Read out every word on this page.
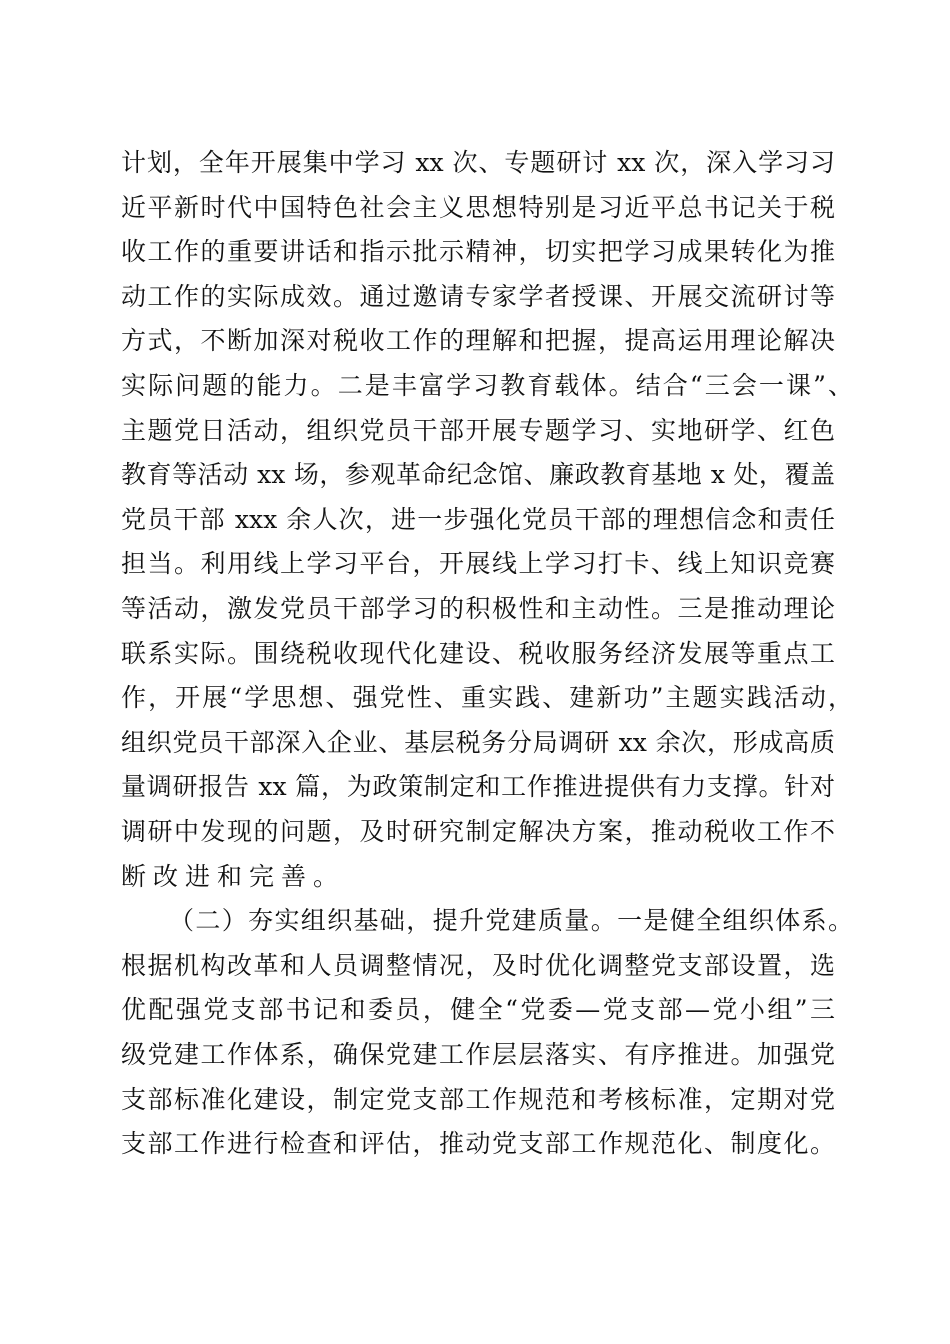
计划，全年开展集中学习 xx 次、专题研讨 xx 次，深入学习习
近平新时代中国特色社会主义思想特别是习近平总书记关于税
收工作的重要讲话和指示批示精神，切实把学习成果转化为推
动工作的实际成效。通过邀请专家学者授课、开展交流研讨等
方式，不断加深对税收工作的理解和把握，提高运用理论解决
实际问题的能力。二是丰富学习教育载体。结合“三会一课”、
主题党日活动，组织党员干部开展专题学习、实地研学、红色
教育等活动 xx 场，参观革命纪念馆、廉政教育基地 x 处，覆盖
党员干部 xxx 余人次，进一步强化党员干部的理想信念和责任
担当。利用线上学习平台，开展线上学习打卡、线上知识竞赛
等活动，激发党员干部学习的积极性和主动性。三是推动理论
联系实际。围绕税收现代化建设、税收服务经济发展等重点工
作，开展“学思想、强党性、重实践、建新功”主题实践活动，
组织党员干部深入企业、基层税务分局调研 xx 余次，形成高质
量调研报告 xx 篇，为政策制定和工作推进提供有力支撑。针对
调研中发现的问题，及时研究制定解决方案，推动税收工作不
断改进和完善。
（二）夯实组织基础，提升党建质量。一是健全组织体系。
根据机构改革和人员调整情况，及时优化调整党支部设置，选
优配强党支部书记和委员，健全“党委—党支部—党小组”三
级党建工作体系，确保党建工作层层落实、有序推进。加强党
支部标准化建设，制定党支部工作规范和考核标准，定期对党
支部工作进行检查和评估，推动党支部工作规范化、制度化。
